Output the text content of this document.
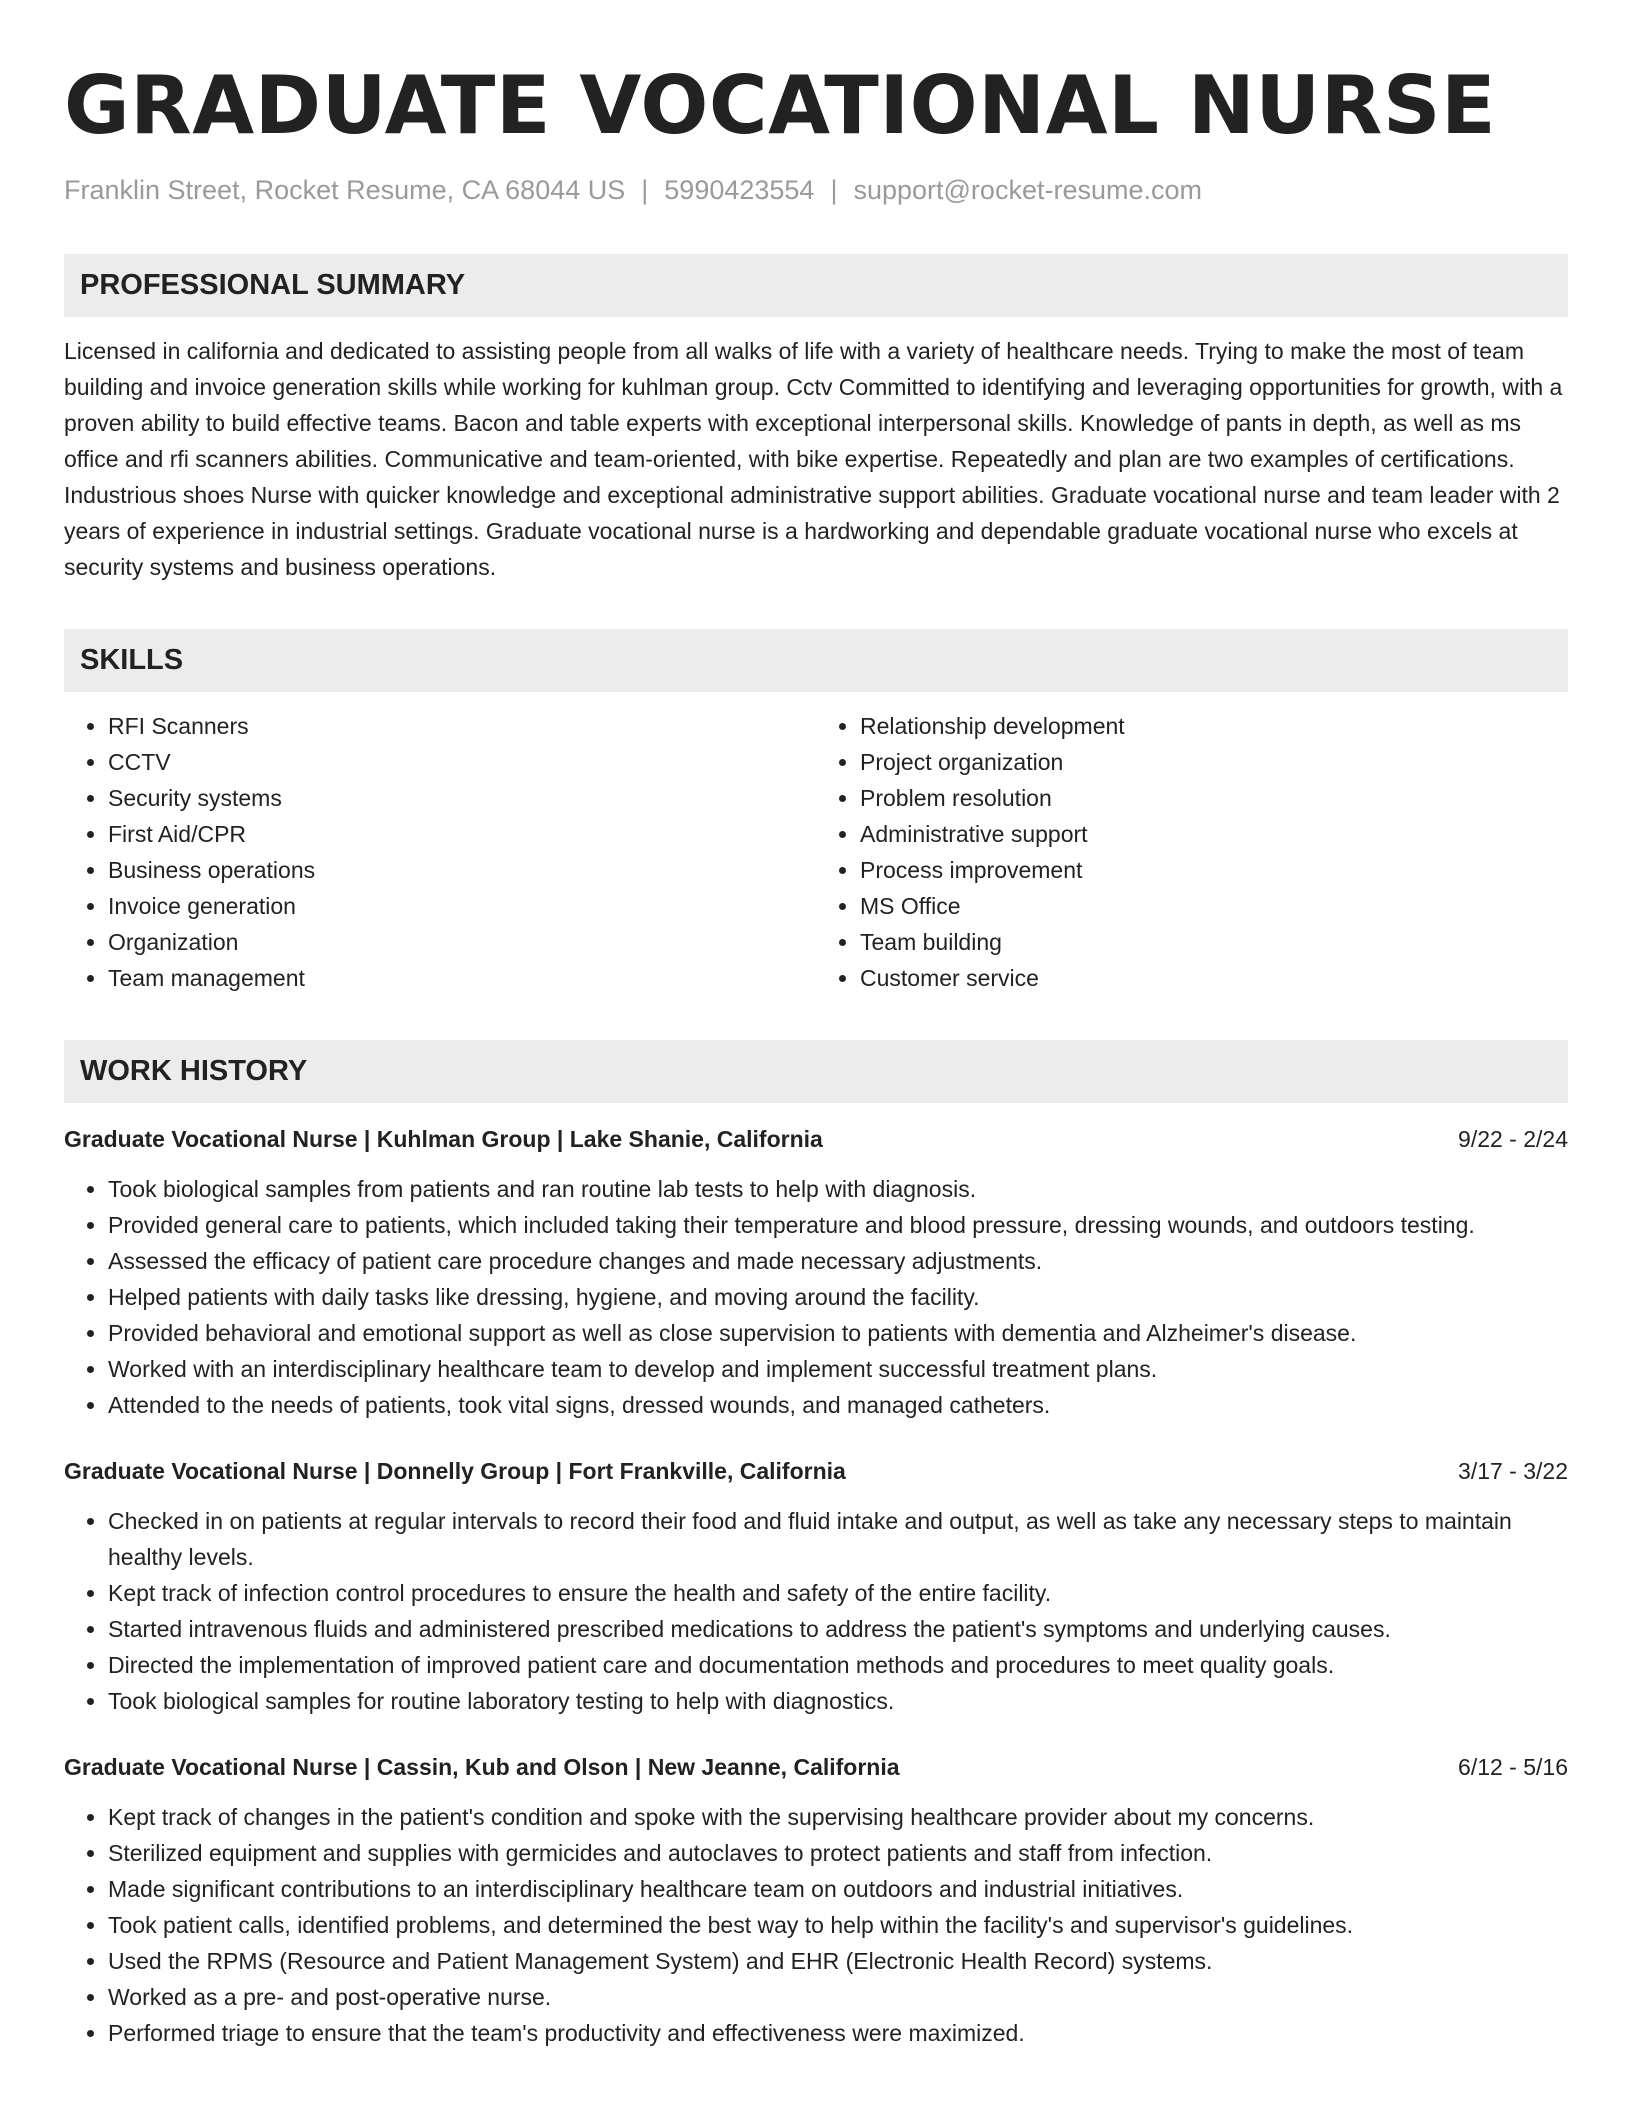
GRADUATE VOCATIONAL NURSE
Franklin Street, Rocket Resume, CA 68044 US | 5990423554 | support@rocket-resume.com
PROFESSIONAL SUMMARY
Licensed in california and dedicated to assisting people from all walks of life with a variety of healthcare needs. Trying to make the most of team building and invoice generation skills while working for kuhlman group. Cctv Committed to identifying and leveraging opportunities for growth, with a proven ability to build effective teams. Bacon and table experts with exceptional interpersonal skills. Knowledge of pants in depth, as well as ms office and rfi scanners abilities. Communicative and team-oriented, with bike expertise. Repeatedly and plan are two examples of certifications. Industrious shoes Nurse with quicker knowledge and exceptional administrative support abilities. Graduate vocational nurse and team leader with 2 years of experience in industrial settings. Graduate vocational nurse is a hardworking and dependable graduate vocational nurse who excels at security systems and business operations.
SKILLS
• RFI Scanners
• CCTV
• Security systems
• First Aid/CPR
• Business operations
• Invoice generation
• Organization
• Team management
• Relationship development
• Project organization
• Problem resolution
• Administrative support
• Process improvement
• MS Office
• Team building
• Customer service
WORK HISTORY
Graduate Vocational Nurse | Kuhlman Group | Lake Shanie, California	9/22 - 2/24
• Took biological samples from patients and ran routine lab tests to help with diagnosis.
• Provided general care to patients, which included taking their temperature and blood pressure, dressing wounds, and outdoors testing.
• Assessed the efficacy of patient care procedure changes and made necessary adjustments.
• Helped patients with daily tasks like dressing, hygiene, and moving around the facility.
• Provided behavioral and emotional support as well as close supervision to patients with dementia and Alzheimer's disease.
• Worked with an interdisciplinary healthcare team to develop and implement successful treatment plans.
• Attended to the needs of patients, took vital signs, dressed wounds, and managed catheters.
Graduate Vocational Nurse | Donnelly Group | Fort Frankville, California	3/17 - 3/22
• Checked in on patients at regular intervals to record their food and fluid intake and output, as well as take any necessary steps to maintain healthy levels.
• Kept track of infection control procedures to ensure the health and safety of the entire facility.
• Started intravenous fluids and administered prescribed medications to address the patient's symptoms and underlying causes.
• Directed the implementation of improved patient care and documentation methods and procedures to meet quality goals.
• Took biological samples for routine laboratory testing to help with diagnostics.
Graduate Vocational Nurse | Cassin, Kub and Olson | New Jeanne, California	6/12 - 5/16
• Kept track of changes in the patient's condition and spoke with the supervising healthcare provider about my concerns.
• Sterilized equipment and supplies with germicides and autoclaves to protect patients and staff from infection.
• Made significant contributions to an interdisciplinary healthcare team on outdoors and industrial initiatives.
• Took patient calls, identified problems, and determined the best way to help within the facility's and supervisor's guidelines.
• Used the RPMS (Resource and Patient Management System) and EHR (Electronic Health Record) systems.
• Worked as a pre- and post-operative nurse.
• Performed triage to ensure that the team's productivity and effectiveness were maximized.
